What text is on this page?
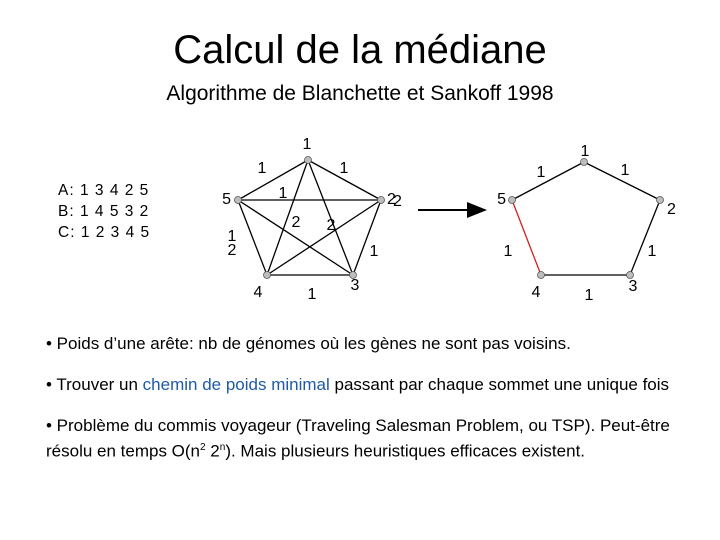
Calcul de la médiane
Algorithme de Blanchette et Sankoff 1998
A: 1 3 4 2 5
B: 1 4 5 3 2
C: 1 2 3 4 5
1
2
3
4
5
1
1
2
1
2
2	1
1
2
1
1
2
3
4
5
1
1
1
1
1

• Poids d’une arête: nb de génomes où les gènes ne sont pas voisins.

• Trouver un chemin de poids minimal passant par chaque sommet une unique fois

• Problème du commis voyageur (Traveling Salesman Problem, ou TSP). Peut-être résolu en temps $O(n^2$ 2$^n$). Mais plusieurs heuristiques efficaces existent.
